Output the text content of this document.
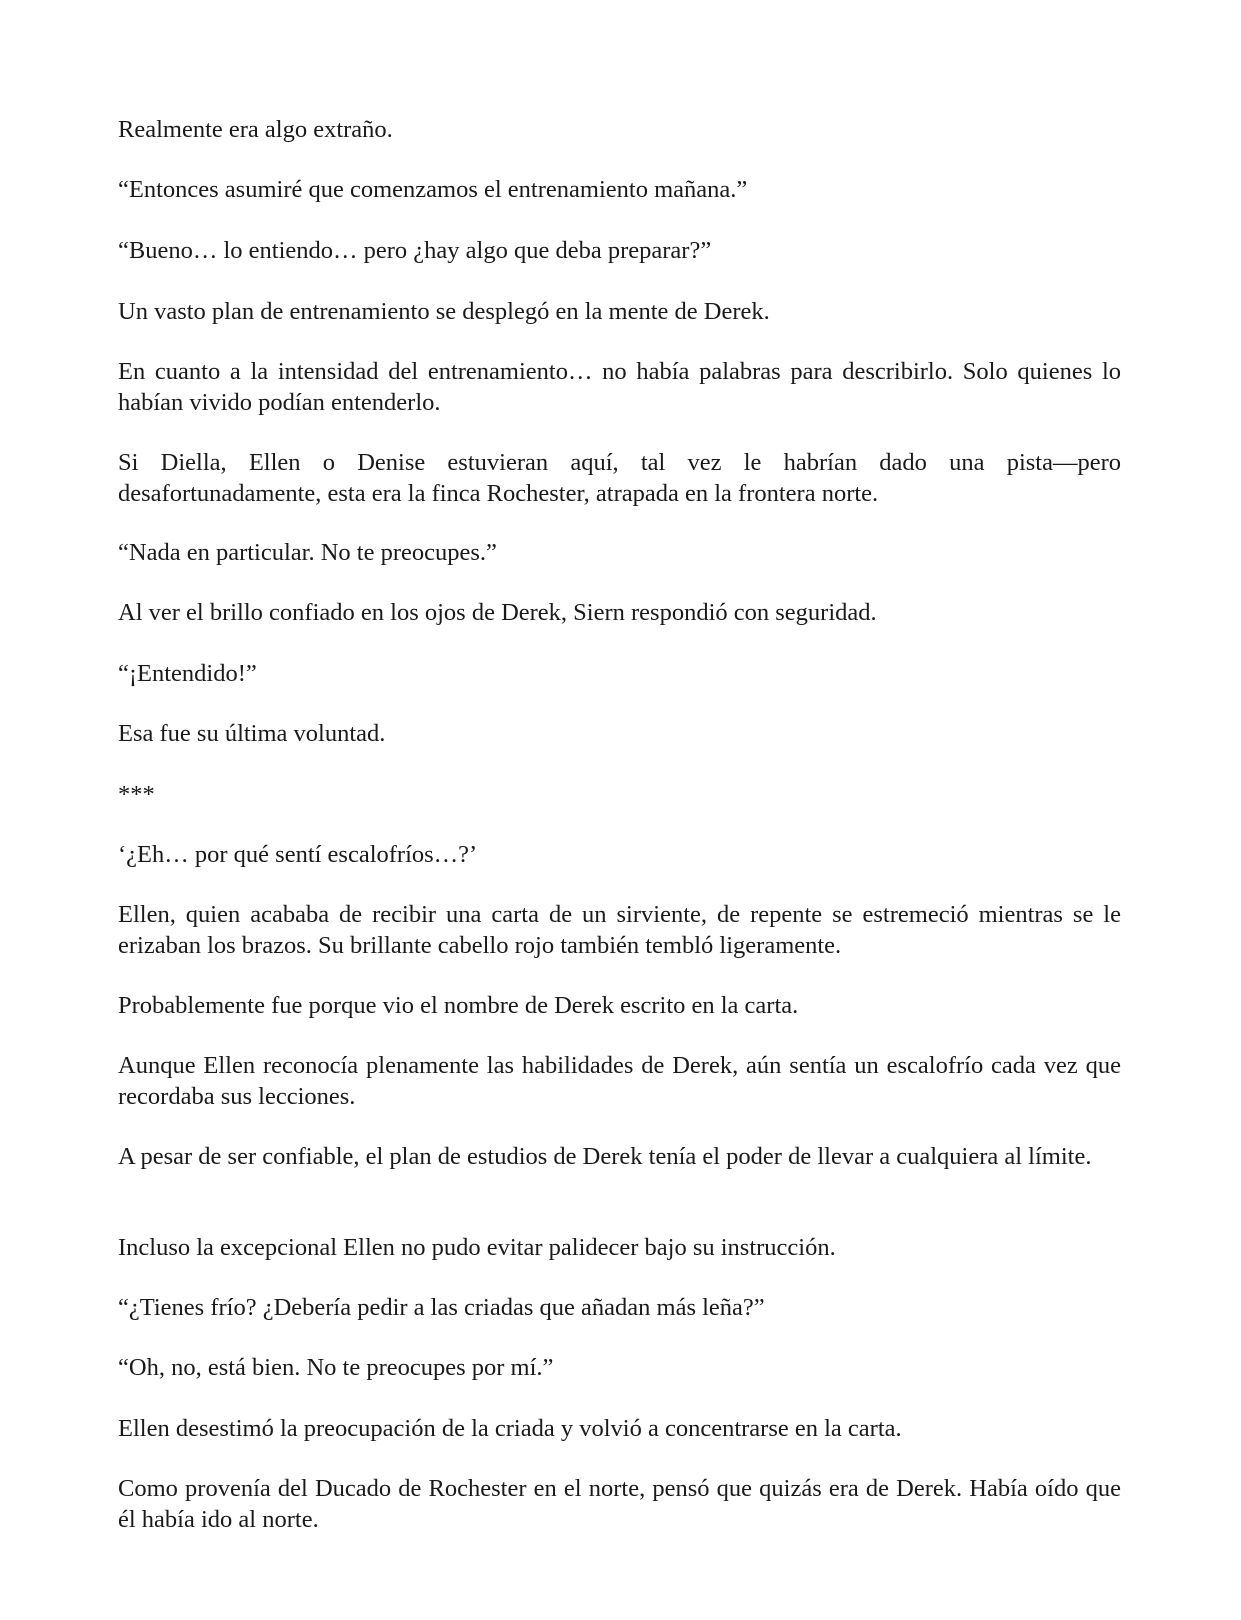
Realmente era algo extraño.

“Entonces asumiré que comenzamos el entrenamiento mañana.”

“Bueno… lo entiendo… pero ¿hay algo que deba preparar?”

Un vasto plan de entrenamiento se desplegó en la mente de Derek.

En cuanto a la intensidad del entrenamiento… no había palabras para describirlo. Solo quienes lo habían vivido podían entenderlo.

Si Diella, Ellen o Denise estuvieran aquí, tal vez le habrían dado una pista—pero desafortunadamente, esta era la finca Rochester, atrapada en la frontera norte.

“Nada en particular. No te preocupes.”

Al ver el brillo confiado en los ojos de Derek, Siern respondió con seguridad.

“¡Entendido!”

Esa fue su última voluntad.

***

‘¿Eh… por qué sentí escalofríos…?’

Ellen, quien acababa de recibir una carta de un sirviente, de repente se estremeció mientras se le erizaban los brazos. Su brillante cabello rojo también tembló ligeramente.

Probablemente fue porque vio el nombre de Derek escrito en la carta.

Aunque Ellen reconocía plenamente las habilidades de Derek, aún sentía un escalofrío cada vez que recordaba sus lecciones.

A pesar de ser confiable, el plan de estudios de Derek tenía el poder de llevar a cualquiera al límite.

Incluso la excepcional Ellen no pudo evitar palidecer bajo su instrucción.

“¿Tienes frío? ¿Debería pedir a las criadas que añadan más leña?”

“Oh, no, está bien. No te preocupes por mí.”

Ellen desestimó la preocupación de la criada y volvió a concentrarse en la carta.

Como provenía del Ducado de Rochester en el norte, pensó que quizás era de Derek. Había oído que él había ido al norte.
